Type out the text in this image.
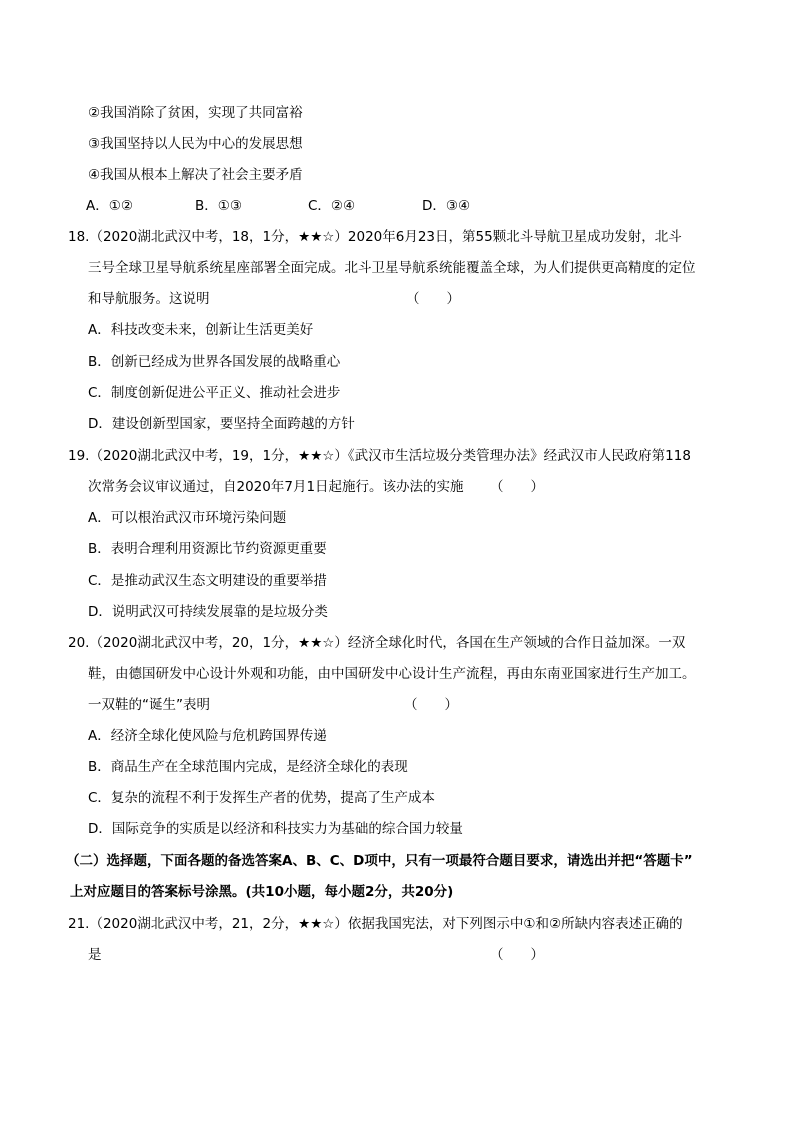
②我国消除了贫困，实现了共同富裕
③我国坚持以人民为中心的发展思想
④我国从根本上解决了社会主要矛盾
A．①②	B．①③	C．②④	D．③④
18.（2020湖北武汉中考，18，1分，★★☆）2020年6月23日，第55颗北斗导航卫星成功发射，北斗
三号全球卫星导航系统星座部署全面完成。北斗卫星导航系统能覆盖全球，为人们提供更高精度的定位
和导航服务。这说明	（　　）
A．科技改变未来，创新让生活更美好
B．创新已经成为世界各国发展的战略重心
C．制度创新促进公平正义、推动社会进步
D．建设创新型国家，要坚持全面跨越的方针
19.（2020湖北武汉中考，19，1分，★★☆）《武汉市生活垃圾分类管理办法》经武汉市人民政府第118
次常务会议审议通过，自2020年7月1日起施行。该办法的实施 （　　）
A．可以根治武汉市环境污染问题
B．表明合理利用资源比节约资源更重要
C．是推动武汉生态文明建设的重要举措
D．说明武汉可持续发展靠的是垃圾分类
20.（2020湖北武汉中考，20，1分，★★☆）经济全球化时代，各国在生产领域的合作日益加深。一双
鞋，由德国研发中心设计外观和功能，由中国研发中心设计生产流程，再由东南亚国家进行生产加工。
一双鞋的“诞生”表明	（　　）
A．经济全球化使风险与危机跨国界传递
B．商品生产在全球范围内完成，是经济全球化的表现
C．复杂的流程不利于发挥生产者的优势，提高了生产成本
D．国际竞争的实质是以经济和科技实力为基础的综合国力较量
（二）选择题，下面各题的备选答案A、B、C、D项中，只有一项最符合题目要求，请选出并把“答题卡”
上对应题目的答案标号涂黑。(共10小题，每小题2分，共20分)
21.（2020湖北武汉中考，21，2分，★★☆）依据我国宪法，对下列图示中①和②所缺内容表述正确的
是	（　　）
